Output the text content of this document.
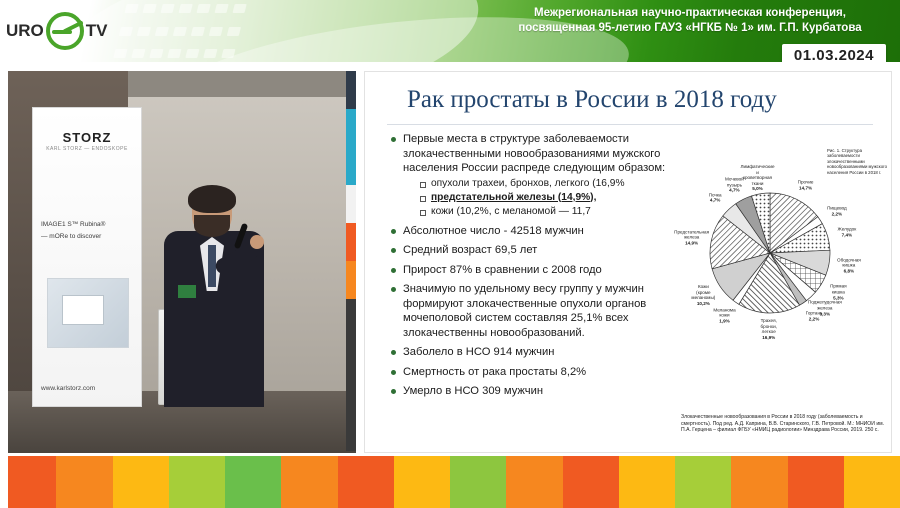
URO TV
Межрегиональная научно-практическая конференция,
посвященная 95-летию ГАУЗ «НГКБ № 1» им. Г.П. Курбатова
01.03.2024
STORZ
KARL STORZ — ENDOSKOPE
IMAGE1 S™ Rubina®
— mORe to discover
www.karlstorz.com
Рак простаты в России в 2018 году
Первые места в структуре заболеваемости злокачественными новообразованиями мужского населения России распреде следующим образом:
опухоли трахеи, бронхов, легкого (16,9%
предстательной железы (14,9%),
кожи (10,2%, с меланомой — 11,7
Абсолютное число - 42518 мужчин
Средний возраст 69,5 лет
Прирост 87% в сравнении с 2008 годо
Значимую по удельному весу группу у мужчин формируют злокачественные опухоли органов мочеполовой систем составляя 25,1% всех злокачественны новообразований.
Заболело в НСО 914 мужчин
Смертность от рака простаты 8,2%
Умерло в НСО 309 мужчин
Рис. 1. Структура заболеваемости злокачественными новообразованиями мужского населения России в 2018 г.
Прочие
14,7%
Пищевод
2,2%
Желудок
7,4%
Ободочная
кишка
6,8%
Прямая
кишка
5,3%
Поджелудочная
железа
3,3%
Гортань
2,2%
Трахея,
бронхи,
легкое
16,9%
Меланома
кожи
1,9%
Кожи
(кроме
меланомы)
10,2%
Предстательная
железа
14,9%
Почка
4,7%
Мочевой
пузырь
4,7%
Лимфатические
и
кроветворная
ткани
5,0%
Злокачественные новообразования в России в 2018 году (заболеваемость и смертность). Под ред. А.Д. Каприна, В.В. Старинского, Г.В. Петровой. М.: МНИОИ им. П.А. Герцена – филиал ФГБУ «НМИЦ радиологии» Минздрава России, 2019. 250 с.
